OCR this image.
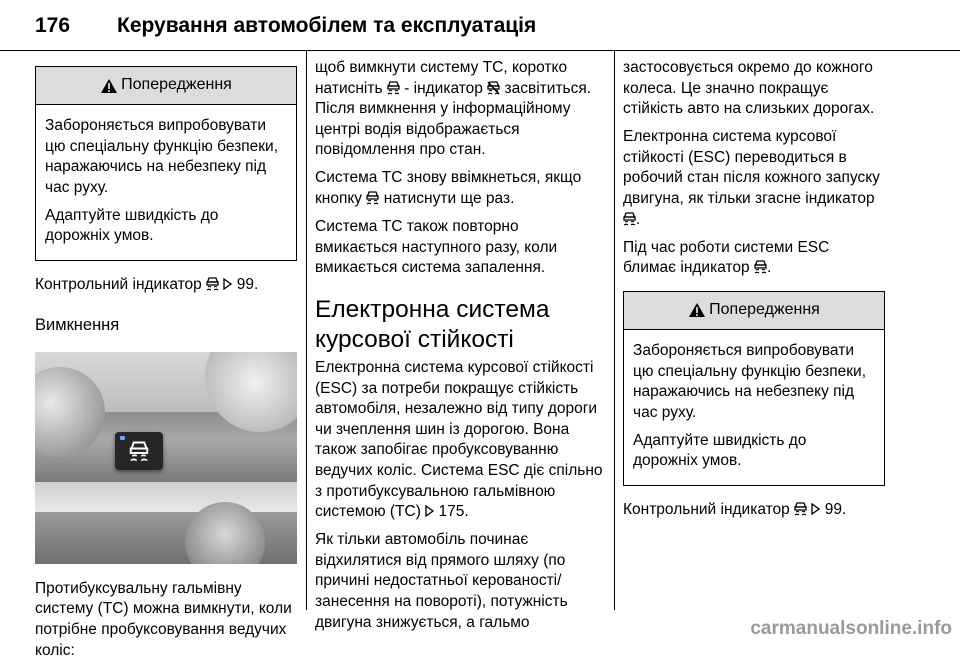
176 Керування автомобілем та експлуатація
Попередження

Забороняється випробовувати цю спеціальну функцію безпеки, наражаючись на небезпеку під час руху.

Адаптуйте швидкість до дорожніх умов.

Контрольний індикатор 99.

Вимкнення

Протибуксувальну гальмівну систему (TC) можна вимкнути, коли потрібне пробуксовування ведучих коліс:

щоб вимкнути систему TC, коротко натисніть - індикатор засвітиться. Після вимкнення у інформаційному центрі водія відображається повідомлення про стан.

Система TC знову ввімкнеться, якщо кнопку натиснути ще раз.

Система TC також повторно вмикається наступного разу, коли вмикається система запалення.

Електронна система курсової стійкості

Електронна система курсової стійкості (ESC) за потреби покращує стійкість автомобіля, незалежно від типу дороги чи зчеплення шин із дорогою. Вона також запобігає пробуксовуванню ведучих коліс. Система ESC діє спільно з протибуксувальною гальмівною системою (TC) 175.

Як тільки автомобіль починає відхилятися від прямого шляху (по причині недостатньої керованості/занесення на повороті), потужність двигуна знижується, а гальмо

застосовується окремо до кожного колеса. Це значно покращує стійкість авто на слизьких дорогах.

Електронна система курсової стійкості (ESC) переводиться в робочий стан після кожного запуску двигуна, як тільки згасне індикатор .

Під час роботи системи ESC блимає індикатор .

Попередження

Забороняється випробовувати цю спеціальну функцію безпеки, наражаючись на небезпеку під час руху.

Адаптуйте швидкість до дорожніх умов.

Контрольний індикатор 99.

carmanualsonline.info
